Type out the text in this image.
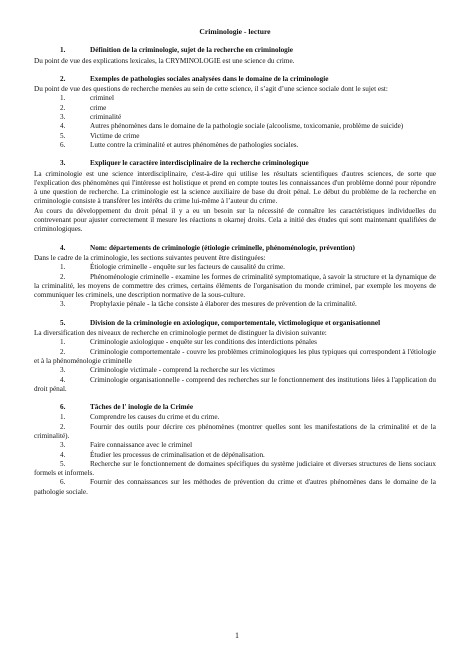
Criminologie - lecture
1.	Définition de la criminologie, sujet de la recherche en criminologie

Du point de vue des explications lexicales, la CRYMINOLOGIE est une science du crime.

2.	Exemples de pathologies sociales analysées dans le domaine de la criminologie

Du point de vue des questions de recherche menées au sein de cette science, il s’agit d’une science sociale dont le sujet est:

1.	criminel
2.	crime
3.	criminalité
4.	Autres phénomènes dans le domaine de la pathologie sociale (alcoolisme, toxicomanie, problème de suicide)
5.	Victime de crime
6.	Lutte contre la criminalité et autres phénomènes de pathologies sociales.
3.	Expliquer le caractère interdisciplinaire de la recherche criminologique

La criminologie est une science interdisciplinaire, c'est-à-dire qui utilise les résultats scientifiques d'autres sciences, de sorte que l'explication des phénomènes qui l'intéresse est holistique et prend en compte toutes les connaissances d'un problème donné pour répondre à une question de recherche. La criminologie est la science auxiliaire de base du droit pénal. Le début du problème de la recherche en criminologie consiste à transférer les intérêts du crime lui-même à l’auteur du crime.

Au cours du développement du droit pénal il y a eu un besoin sur la nécessité de connaître les caractéristiques individuelles du contrevenant pour ajuster correctement il mesure les réactions n okarnej droits. Cela a initié des études qui sont maintenant qualifiées de criminologiques.

4.	Nom: départements de criminologie (étiologie criminelle, phénoménologie, prévention)

Dans le cadre de la criminologie, les sections suivantes peuvent être distinguées:

1.	Étiologie criminelle - enquête sur les facteurs de causalité du crime.
2.	Phénoménologie criminelle - examine les formes de criminalité symptomatique, à savoir la structure et la dynamique de la criminalité, les moyens de commettre des crimes, certains éléments de l'organisation du monde criminel, par exemple les moyens de communiquer les criminels, une description normative de la sous-culture.
3.	Prophylaxie pénale - la tâche consiste à élaborer des mesures de prévention de la criminalité.
5.	Division de la criminologie en axiologique, comportementale, victimologique et organisationnel

La diversification des niveaux de recherche en criminologie permet de distinguer la division suivante:

1.	Criminologie axiologique - enquête sur les conditions des interdictions pénales
2.	Criminologie comportementale - couvre les problèmes criminologiques les plus typiques qui correspondent à l'étiologie et à la phénoménologie criminelle
3.	Criminologie victimale - comprend la recherche sur les victimes
4.	Criminologie organisationnelle - comprend des recherches sur le fonctionnement des institutions liées à l'application du droit pénal.
6.	Tâches de l' inologie de la Crimée
1.	Comprendre les causes du crime et du crime.
2.	Fournir des outils pour décrire ces phénomènes (montrer quelles sont les manifestations de la criminalité et de la criminalité).
3.	Faire connaissance avec le criminel
4.	Étudier les processus de criminalisation et de dépénalisation.
5.	Recherche sur le fonctionnement de domaines spécifiques du système judiciaire et diverses structures de liens sociaux formels et informels.
6.	Fournir des connaissances sur les méthodes de prévention du crime et d'autres phénomènes dans le domaine de la pathologie sociale.
1
